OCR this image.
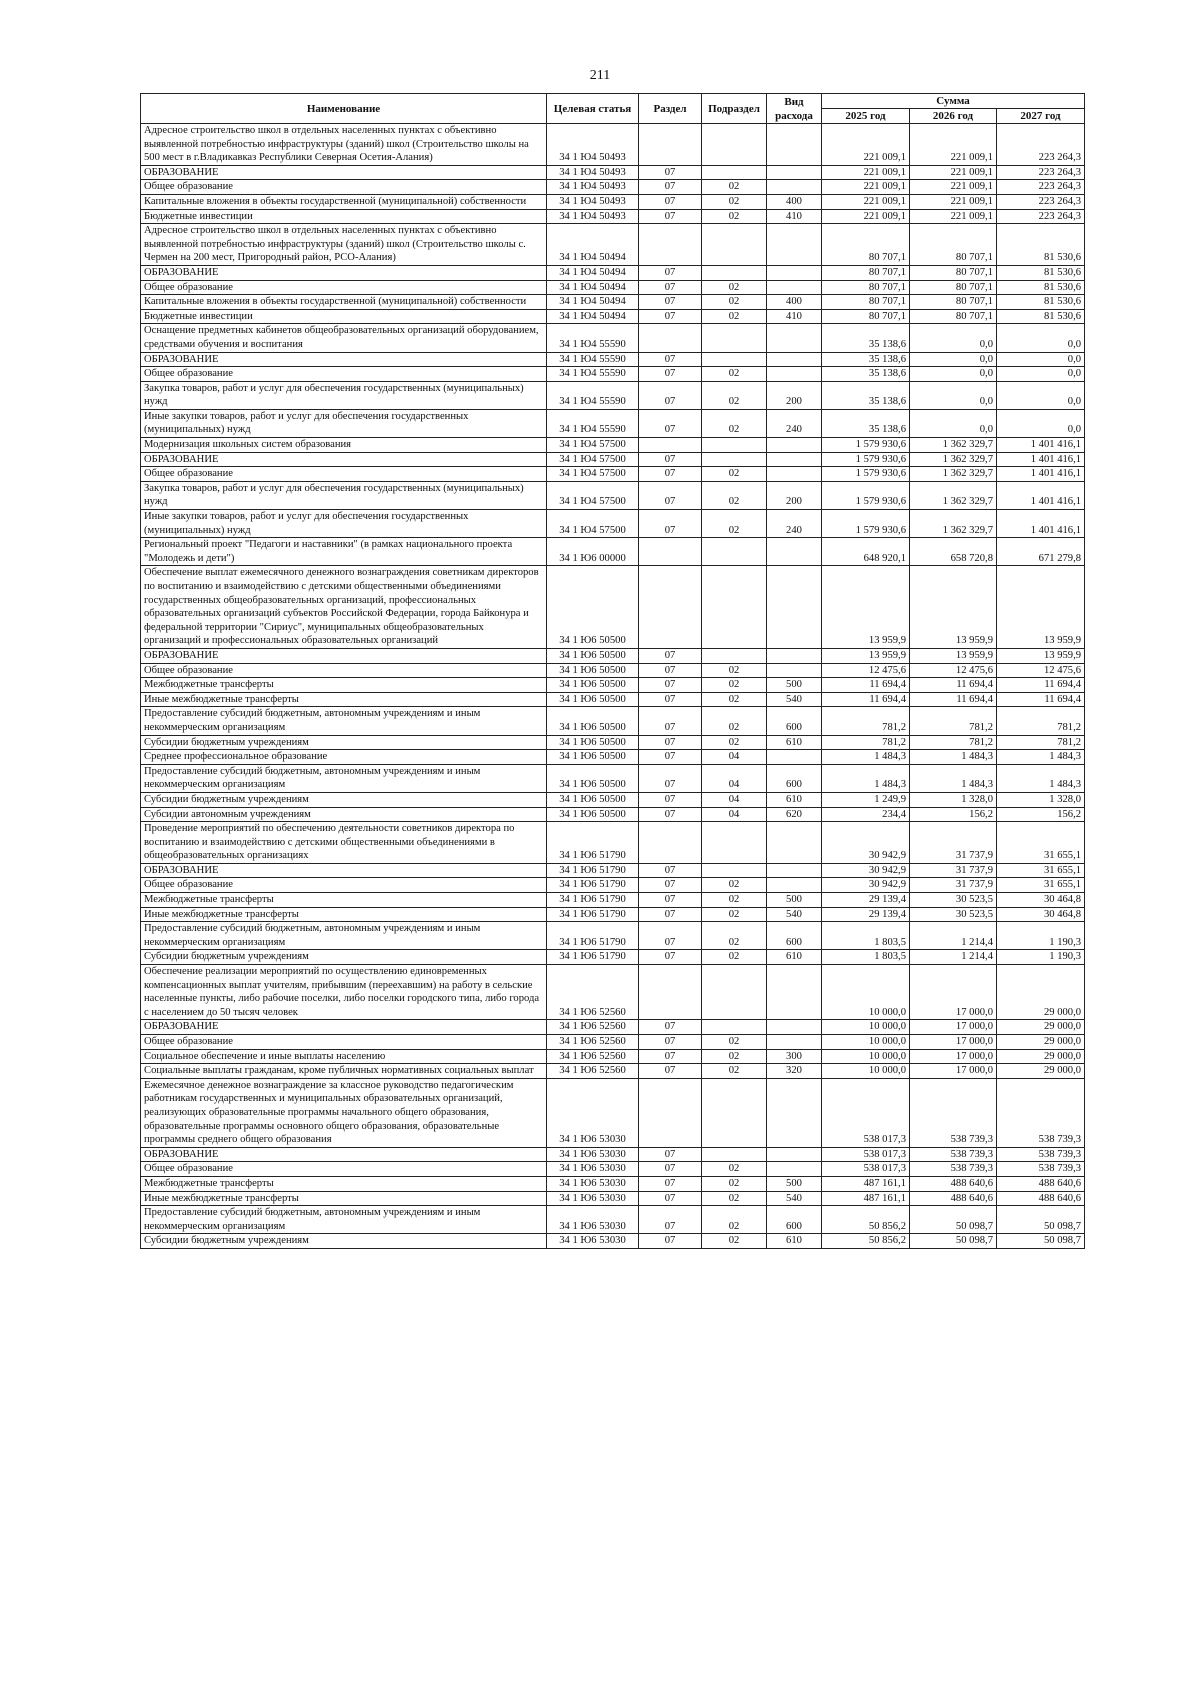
211
Наименование	Целевая статья	Раздел	Подраздел	Вид расхода	Сумма		
					2025 год	2026 год	2027 год
Адресное строительство школ в отдельных населенных пунктах с объективно выявленной потребностью инфраструктуры (зданий) школ (Строительство школы на 500 мест в г.Владикавказ Республики Северная Осетия-Алания)	34 1 Ю4 50493				221 009,1	221 009,1	223 264,3
ОБРАЗОВАНИЕ	34 1 Ю4 50493	07			221 009,1	221 009,1	223 264,3
Общее образование	34 1 Ю4 50493	07	02		221 009,1	221 009,1	223 264,3
Капитальные вложения в объекты государственной (муниципальной) собственности	34 1 Ю4 50493	07	02	400	221 009,1	221 009,1	223 264,3
Бюджетные инвестиции	34 1 Ю4 50493	07	02	410	221 009,1	221 009,1	223 264,3
Адресное строительство школ в отдельных населенных пунктах с объективно выявленной потребностью инфраструктуры (зданий) школ (Строительство школы с. Чермен на 200 мест, Пригородный район, РСО-Алания)	34 1 Ю4 50494				80 707,1	80 707,1	81 530,6
ОБРАЗОВАНИЕ	34 1 Ю4 50494	07			80 707,1	80 707,1	81 530,6
Общее образование	34 1 Ю4 50494	07	02		80 707,1	80 707,1	81 530,6
Капитальные вложения в объекты государственной (муниципальной) собственности	34 1 Ю4 50494	07	02	400	80 707,1	80 707,1	81 530,6
Бюджетные инвестиции	34 1 Ю4 50494	07	02	410	80 707,1	80 707,1	81 530,6
Оснащение предметных кабинетов общеобразовательных организаций оборудованием, средствами обучения и воспитания	34 1 Ю4 55590				35 138,6	0,0	0,0
ОБРАЗОВАНИЕ	34 1 Ю4 55590	07			35 138,6	0,0	0,0
Общее образование	34 1 Ю4 55590	07	02		35 138,6	0,0	0,0
Закупка товаров, работ и услуг для обеспечения государственных (муниципальных) нужд	34 1 Ю4 55590	07	02	200	35 138,6	0,0	0,0
Иные закупки товаров, работ и услуг для обеспечения государственных (муниципальных) нужд	34 1 Ю4 55590	07	02	240	35 138,6	0,0	0,0
Модернизация школьных систем образования	34 1 Ю4 57500				1 579 930,6	1 362 329,7	1 401 416,1
ОБРАЗОВАНИЕ	34 1 Ю4 57500	07			1 579 930,6	1 362 329,7	1 401 416,1
Общее образование	34 1 Ю4 57500	07	02		1 579 930,6	1 362 329,7	1 401 416,1
Закупка товаров, работ и услуг для обеспечения государственных (муниципальных) нужд	34 1 Ю4 57500	07	02	200	1 579 930,6	1 362 329,7	1 401 416,1
Иные закупки товаров, работ и услуг для обеспечения государственных (муниципальных) нужд	34 1 Ю4 57500	07	02	240	1 579 930,6	1 362 329,7	1 401 416,1
Региональный проект "Педагоги и наставники" (в рамках национального проекта "Молодежь и дети")	34 1 Ю6 00000				648 920,1	658 720,8	671 279,8
Обеспечение выплат ежемесячного денежного вознаграждения советникам директоров по воспитанию и взаимодействию с детскими общественными объединениями государственных общеобразовательных организаций, профессиональных образовательных организаций субъектов Российской Федерации, города Байконура и федеральной территории "Сириус", муниципальных общеобразовательных организаций и профессиональных образовательных организаций	34 1 Ю6 50500				13 959,9	13 959,9	13 959,9
ОБРАЗОВАНИЕ	34 1 Ю6 50500	07			13 959,9	13 959,9	13 959,9
Общее образование	34 1 Ю6 50500	07	02		12 475,6	12 475,6	12 475,6
Межбюджетные трансферты	34 1 Ю6 50500	07	02	500	11 694,4	11 694,4	11 694,4
Иные межбюджетные трансферты	34 1 Ю6 50500	07	02	540	11 694,4	11 694,4	11 694,4
Предоставление субсидий бюджетным, автономным учреждениям и иным некоммерческим организациям	34 1 Ю6 50500	07	02	600	781,2	781,2	781,2
Субсидии бюджетным учреждениям	34 1 Ю6 50500	07	02	610	781,2	781,2	781,2
Среднее профессиональное образование	34 1 Ю6 50500	07	04		1 484,3	1 484,3	1 484,3
Предоставление субсидий бюджетным, автономным учреждениям и иным некоммерческим организациям	34 1 Ю6 50500	07	04	600	1 484,3	1 484,3	1 484,3
Субсидии бюджетным учреждениям	34 1 Ю6 50500	07	04	610	1 249,9	1 328,0	1 328,0
Субсидии автономным учреждениям	34 1 Ю6 50500	07	04	620	234,4	156,2	156,2
Проведение мероприятий по обеспечению деятельности советников директора по воспитанию и взаимодействию с детскими общественными объединениями в общеобразовательных организациях	34 1 Ю6 51790				30 942,9	31 737,9	31 655,1
ОБРАЗОВАНИЕ	34 1 Ю6 51790	07			30 942,9	31 737,9	31 655,1
Общее образование	34 1 Ю6 51790	07	02		30 942,9	31 737,9	31 655,1
Межбюджетные трансферты	34 1 Ю6 51790	07	02	500	29 139,4	30 523,5	30 464,8
Иные межбюджетные трансферты	34 1 Ю6 51790	07	02	540	29 139,4	30 523,5	30 464,8
Предоставление субсидий бюджетным, автономным учреждениям и иным некоммерческим организациям	34 1 Ю6 51790	07	02	600	1 803,5	1 214,4	1 190,3
Субсидии бюджетным учреждениям	34 1 Ю6 51790	07	02	610	1 803,5	1 214,4	1 190,3
Обеспечение реализации мероприятий по осуществлению единовременных компенсационных выплат учителям, прибывшим (переехавшим) на работу в сельские населенные пункты, либо рабочие поселки, либо поселки городского типа, либо города с населением до 50 тысяч человек	34 1 Ю6 52560				10 000,0	17 000,0	29 000,0
ОБРАЗОВАНИЕ	34 1 Ю6 52560	07			10 000,0	17 000,0	29 000,0
Общее образование	34 1 Ю6 52560	07	02		10 000,0	17 000,0	29 000,0
Социальное обеспечение и иные выплаты населению	34 1 Ю6 52560	07	02	300	10 000,0	17 000,0	29 000,0
Социальные выплаты гражданам, кроме публичных нормативных социальных выплат	34 1 Ю6 52560	07	02	320	10 000,0	17 000,0	29 000,0
Ежемесячное денежное вознаграждение за классное руководство педагогическим работникам государственных и муниципальных образовательных организаций, реализующих образовательные программы начального общего образования, образовательные программы основного общего образования, образовательные программы среднего общего образования	34 1 Ю6 53030				538 017,3	538 739,3	538 739,3
ОБРАЗОВАНИЕ	34 1 Ю6 53030	07			538 017,3	538 739,3	538 739,3
Общее образование	34 1 Ю6 53030	07	02		538 017,3	538 739,3	538 739,3
Межбюджетные трансферты	34 1 Ю6 53030	07	02	500	487 161,1	488 640,6	488 640,6
Иные межбюджетные трансферты	34 1 Ю6 53030	07	02	540	487 161,1	488 640,6	488 640,6
Предоставление субсидий бюджетным, автономным учреждениям и иным некоммерческим организациям	34 1 Ю6 53030	07	02	600	50 856,2	50 098,7	50 098,7
Субсидии бюджетным учреждениям	34 1 Ю6 53030	07	02	610	50 856,2	50 098,7	50 098,7
